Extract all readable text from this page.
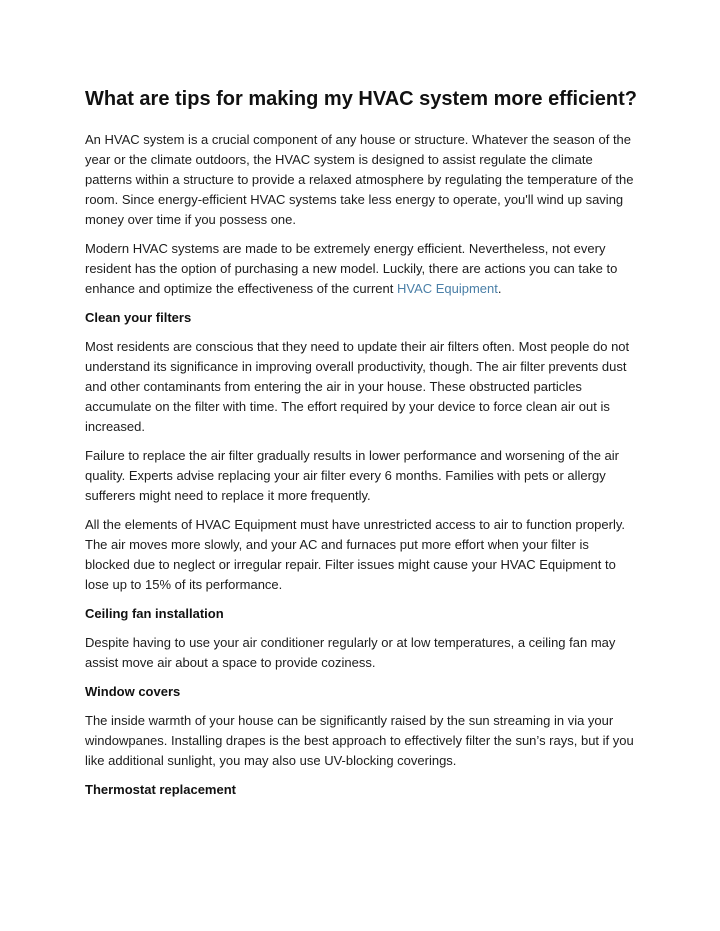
What are tips for making my HVAC system more efficient?

An HVAC system is a crucial component of any house or structure. Whatever the season of the year or the climate outdoors, the HVAC system is designed to assist regulate the climate patterns within a structure to provide a relaxed atmosphere by regulating the temperature of the room. Since energy-efficient HVAC systems take less energy to operate, you'll wind up saving money over time if you possess one.

Modern HVAC systems are made to be extremely energy efficient. Nevertheless, not every resident has the option of purchasing a new model. Luckily, there are actions you can take to enhance and optimize the effectiveness of the current HVAC Equipment.

Clean your filters

Most residents are conscious that they need to update their air filters often. Most people do not understand its significance in improving overall productivity, though. The air filter prevents dust and other contaminants from entering the air in your house. These obstructed particles accumulate on the filter with time. The effort required by your device to force clean air out is increased.

Failure to replace the air filter gradually results in lower performance and worsening of the air quality. Experts advise replacing your air filter every 6 months. Families with pets or allergy sufferers might need to replace it more frequently.

All the elements of HVAC Equipment must have unrestricted access to air to function properly. The air moves more slowly, and your AC and furnaces put more effort when your filter is blocked due to neglect or irregular repair. Filter issues might cause your HVAC Equipment to lose up to 15% of its performance.

Ceiling fan installation

Despite having to use your air conditioner regularly or at low temperatures, a ceiling fan may assist move air about a space to provide coziness.

Window covers

The inside warmth of your house can be significantly raised by the sun streaming in via your windowpanes. Installing drapes is the best approach to effectively filter the sun’s rays, but if you like additional sunlight, you may also use UV-blocking coverings.

Thermostat replacement
